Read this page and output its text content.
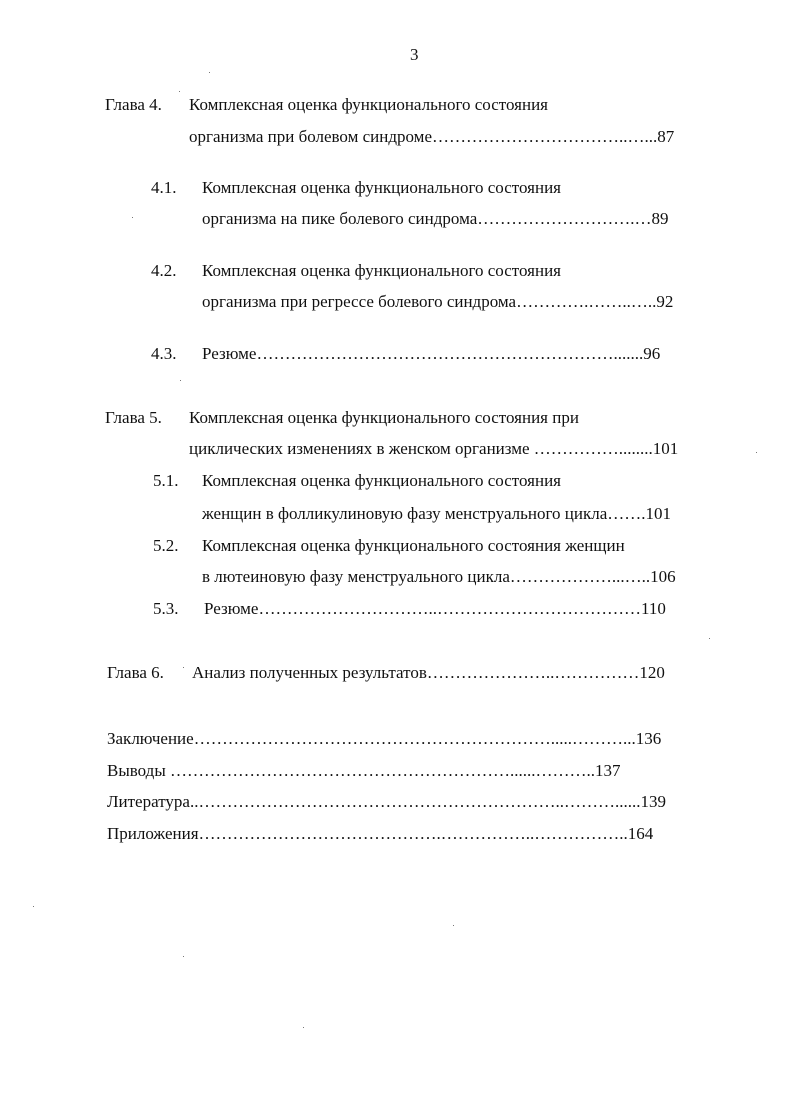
3
Глава 4. Комплексная оценка функционального состояния
организма при болевом синдроме……………………………..…...87
4.1. Комплексная оценка функционального состояния
организма на пике болевого синдрома……………………….…89
4.2. Комплексная оценка функционального состояния
организма при регрессе болевого синдрома………….……..…..92
4.3. Резюме……………………………………………………….......96
Глава 5. Комплексная оценка функционального состояния при
циклических изменениях в женском организме ……………........101
5.1. Комплексная оценка функционального состояния
женщин в фолликулиновую фазу менструального цикла…….101
5.2. Комплексная оценка функционального состояния женщин
в лютеиновую фазу менструального цикла………………...…..106
5.3. Резюме…………………………..………………………………110
Глава 6. Анализ полученных результатов…………………..……………120
Заключение……………………………………………………….....………...136
Выводы ……………………………………………………......………..137
Литература..………………………………………………………..………......139
Приложения…………………………………….……………..……………..164
